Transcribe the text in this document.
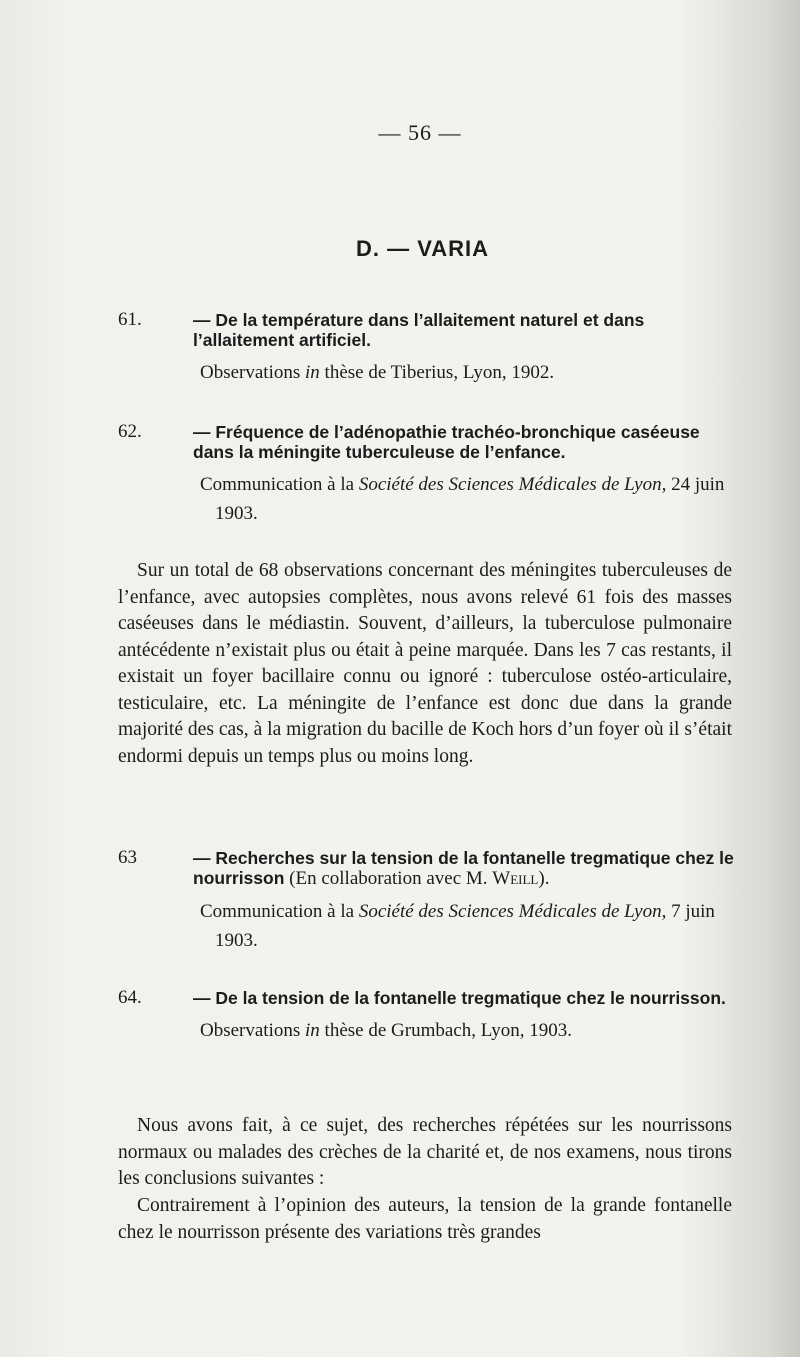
— 56 —
D. — VARIA
61.	— De la température dans l’allaitement naturel et dans l’allaitement artificiel.
Observations in thèse de Tiberius, Lyon, 1902.
62.	— Fréquence de l’adénopathie trachéo-bronchique caséeuse dans la méningite tuberculeuse de l’enfance.
Communication à la Société des Sciences Médicales de Lyon, 24 juin 1903.

Sur un total de 68 observations concernant des méningites tuberculeuses de l’enfance, avec autopsies complètes, nous avons relevé 61 fois des masses caséeuses dans le médiastin. Souvent, d’ailleurs, la tuberculose pulmonaire antécédente n’existait plus ou était à peine marquée. Dans les 7 cas restants, il existait un foyer bacillaire connu ou ignoré : tuberculose ostéo-articulaire, testiculaire, etc. La méningite de l’enfance est donc due dans la grande majorité des cas, à la migration du bacille de Koch hors d’un foyer où il s’était endormi depuis un temps plus ou moins long.

63	— Recherches sur la tension de la fontanelle tregmatique chez le nourrisson (En collaboration avec M. Weill).
Communication à la Société des Sciences Médicales de Lyon, 7 juin 1903.
64.	— De la tension de la fontanelle tregmatique chez le nourrisson.
Observations in thèse de Grumbach, Lyon, 1903.

Nous avons fait, à ce sujet, des recherches répétées sur les nourrissons normaux ou malades des crèches de la charité et, de nos examens, nous tirons les conclusions suivantes :

Contrairement à l’opinion des auteurs, la tension de la grande fontanelle chez le nourrisson présente des variations très grandes
